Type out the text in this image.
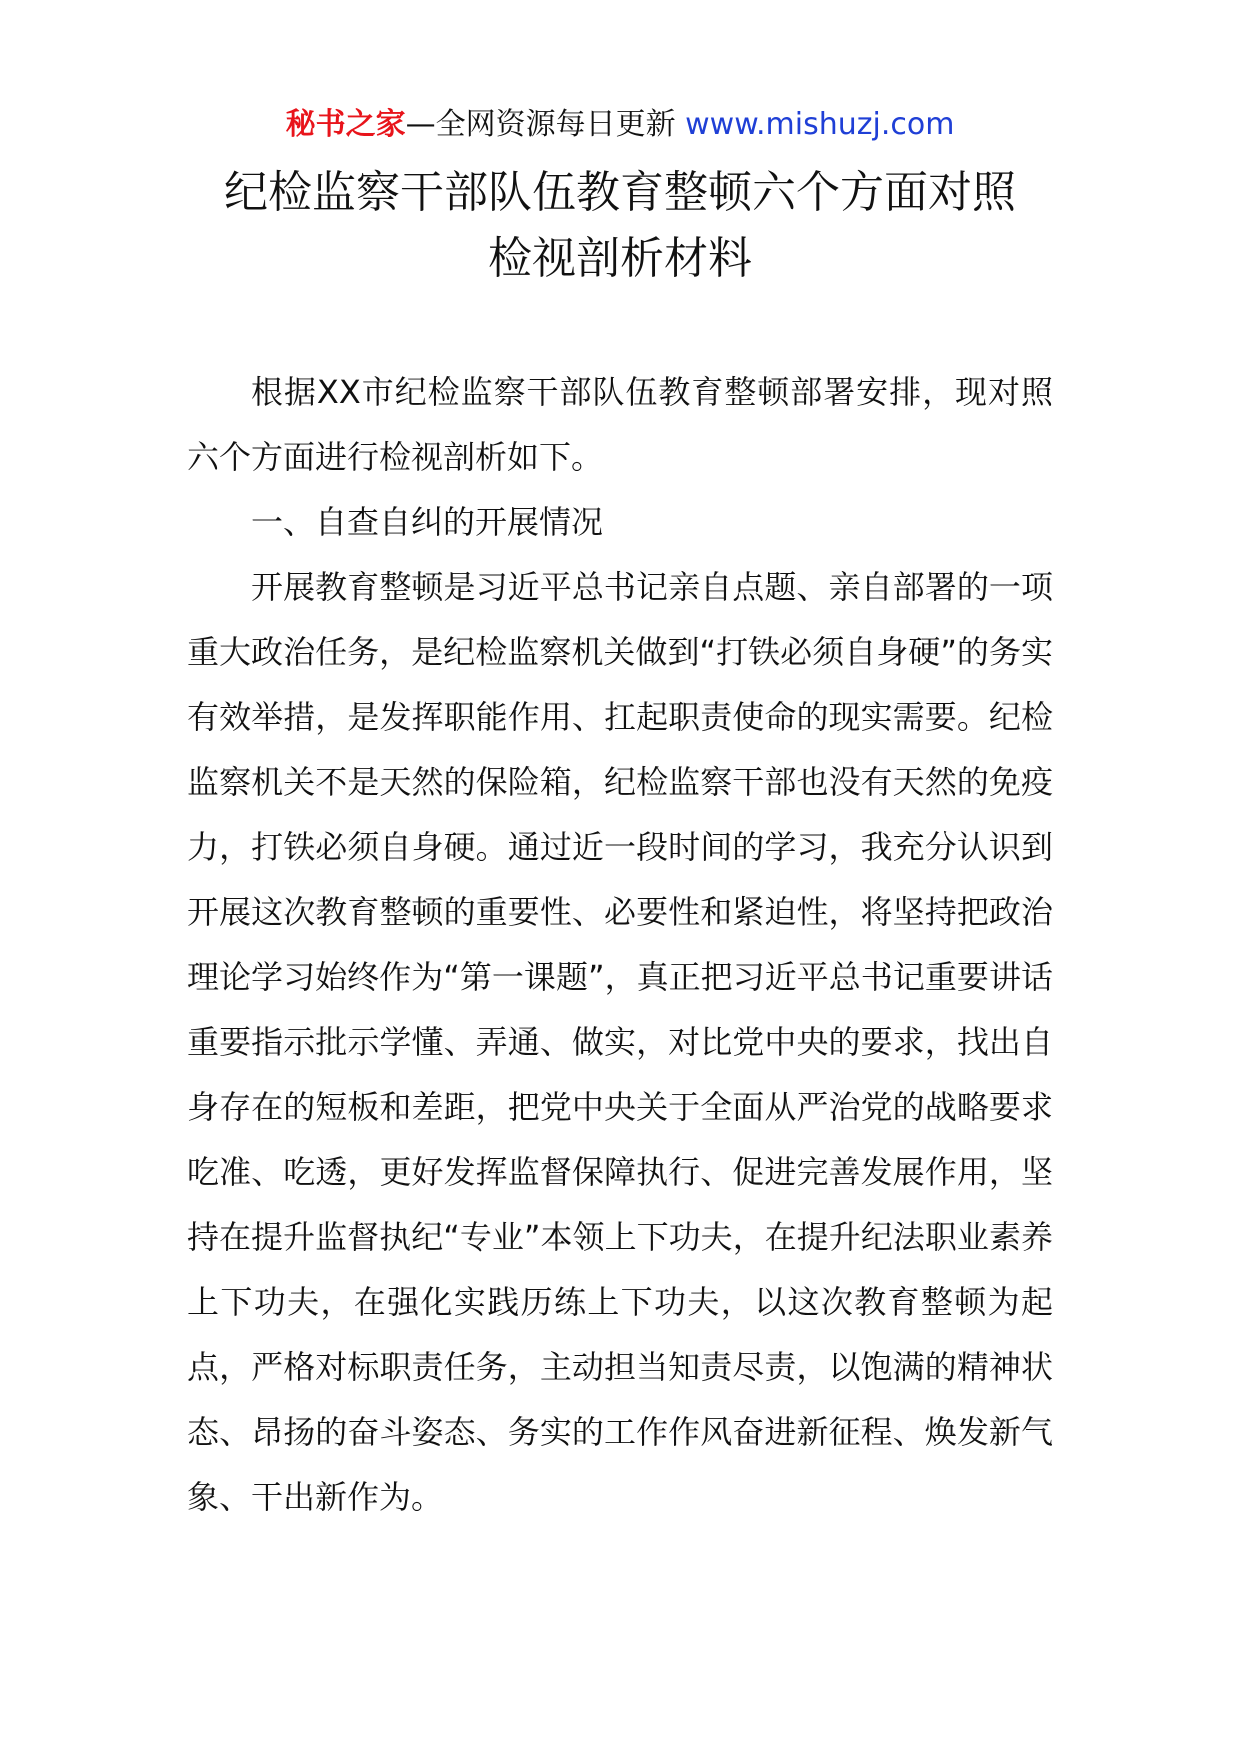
秘书之家—全网资源每日更新 www.mishuzj.com
纪检监察干部队伍教育整顿六个方面对照
检视剖析材料

根据XX市纪检监察干部队伍教育整顿部署安排，现对照六个方面进行检视剖析如下。

一、自查自纠的开展情况

开展教育整顿是习近平总书记亲自点题、亲自部署的一项重大政治任务，是纪检监察机关做到“打铁必须自身硬”的务实有效举措，是发挥职能作用、扛起职责使命的现实需要。纪检监察机关不是天然的保险箱，纪检监察干部也没有天然的免疫力，打铁必须自身硬。通过近一段时间的学习，我充分认识到开展这次教育整顿的重要性、必要性和紧迫性，将坚持把政治理论学习始终作为“第一课题”，真正把习近平总书记重要讲话重要指示批示学懂、弄通、做实，对比党中央的要求，找出自身存在的短板和差距，把党中央关于全面从严治党的战略要求吃准、吃透，更好发挥监督保障执行、促进完善发展作用，坚持在提升监督执纪“专业”本领上下功夫，在提升纪法职业素养上下功夫，在强化实践历练上下功夫，以这次教育整顿为起点，严格对标职责任务，主动担当知责尽责，以饱满的精神状态、昂扬的奋斗姿态、务实的工作作风奋进新征程、焕发新气象、干出新作为。
